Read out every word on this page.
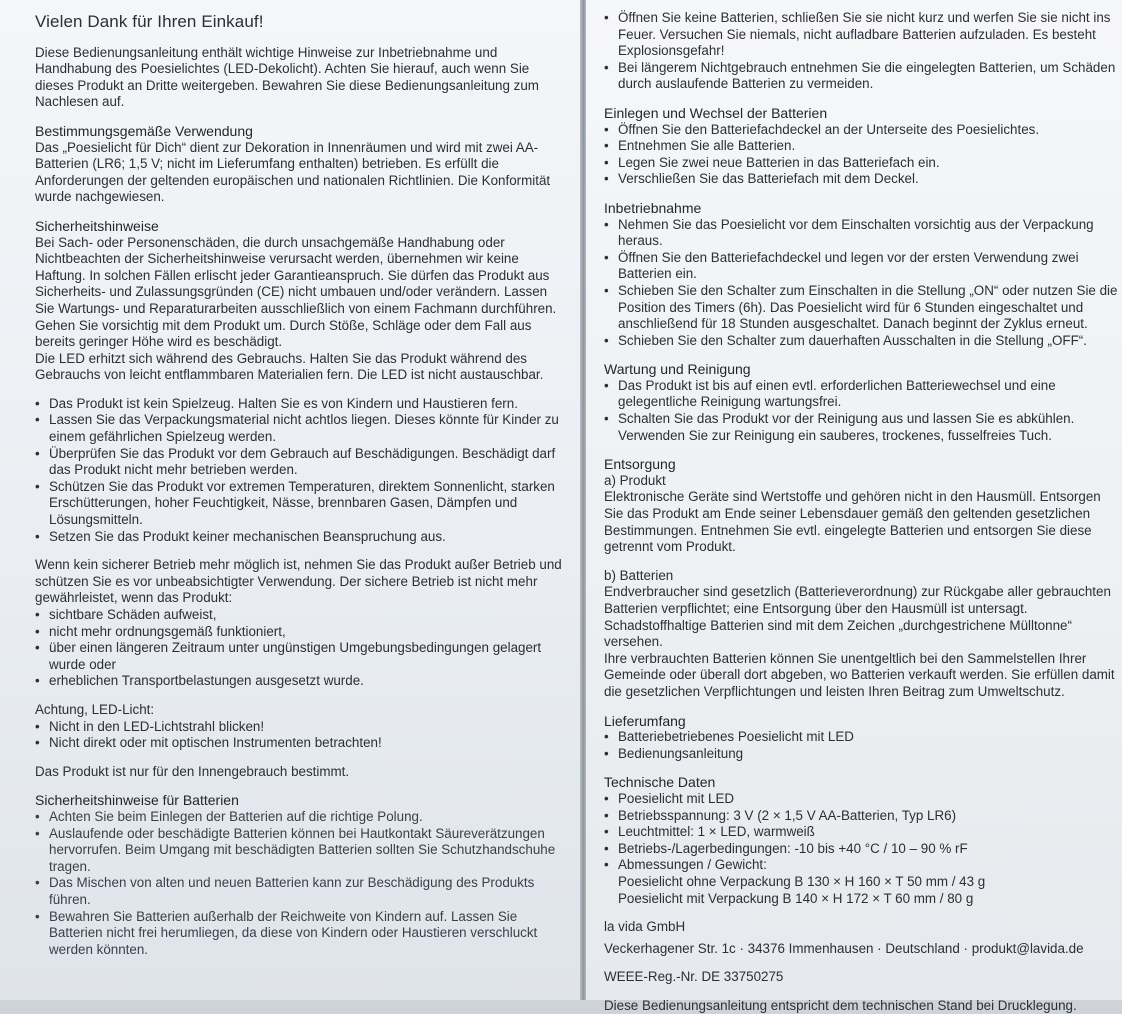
Vielen Dank für Ihren Einkauf!

Diese Bedienungsanleitung enthält wichtige Hinweise zur Inbetriebnahme und Handhabung des Poesielichtes (LED-Dekolicht). Achten Sie hierauf, auch wenn Sie dieses Produkt an Dritte weitergeben. Bewahren Sie diese Bedienungsanleitung zum Nachlesen auf.

Bestimmungsgemäße Verwendung

Das „Poesielicht für Dich“ dient zur Dekoration in Innenräumen und wird mit zwei AA-Batterien (LR6; 1,5 V; nicht im Lieferumfang enthalten) betrieben. Es erfüllt die Anforderungen der geltenden europäischen und nationalen Richtlinien. Die Konformität wurde nachgewiesen.

Sicherheitshinweise

Bei Sach- oder Personenschäden, die durch unsachgemäße Handhabung oder Nichtbeachten der Sicherheitshinweise verursacht werden, übernehmen wir keine Haftung. In solchen Fällen erlischt jeder Garantieanspruch. Sie dürfen das Produkt aus Sicherheits- und Zulassungsgründen (CE) nicht umbauen und/oder verändern. Lassen Sie Wartungs- und Reparaturarbeiten ausschließlich von einem Fachmann durchführen. Gehen Sie vorsichtig mit dem Produkt um. Durch Stöße, Schläge oder dem Fall aus bereits geringer Höhe wird es beschädigt.

Die LED erhitzt sich während des Gebrauchs. Halten Sie das Produkt während des Gebrauchs von leicht entflammbaren Materialien fern. Die LED ist nicht austauschbar.

• Das Produkt ist kein Spielzeug. Halten Sie es von Kindern und Haustieren fern.
• Lassen Sie das Verpackungsmaterial nicht achtlos liegen. Dieses könnte für Kinder zu einem gefährlichen Spielzeug werden.
• Überprüfen Sie das Produkt vor dem Gebrauch auf Beschädigungen. Beschädigt darf das Produkt nicht mehr betrieben werden.
• Schützen Sie das Produkt vor extremen Temperaturen, direktem Sonnenlicht, starken Erschütterungen, hoher Feuchtigkeit, Nässe, brennbaren Gasen, Dämpfen und Lösungsmitteln.
• Setzen Sie das Produkt keiner mechanischen Beanspruchung aus.

Wenn kein sicherer Betrieb mehr möglich ist, nehmen Sie das Produkt außer Betrieb und schützen Sie es vor unbeabsichtigter Verwendung. Der sichere Betrieb ist nicht mehr gewährleistet, wenn das Produkt:

• sichtbare Schäden aufweist,
• nicht mehr ordnungsgemäß funktioniert,
• über einen längeren Zeitraum unter ungünstigen Umgebungsbedingungen gelagert wurde oder
• erheblichen Transportbelastungen ausgesetzt wurde.

Achtung, LED-Licht:

• Nicht in den LED-Lichtstrahl blicken!
• Nicht direkt oder mit optischen Instrumenten betrachten!

Das Produkt ist nur für den Innengebrauch bestimmt.

Sicherheitshinweise für Batterien
• Achten Sie beim Einlegen der Batterien auf die richtige Polung.
• Auslaufende oder beschädigte Batterien können bei Hautkontakt Säureverätzungen hervorrufen. Beim Umgang mit beschädigten Batterien sollten Sie Schutzhandschuhe tragen.
• Das Mischen von alten und neuen Batterien kann zur Beschädigung des Produkts führen.
• Bewahren Sie Batterien außerhalb der Reichweite von Kindern auf. Lassen Sie Batterien nicht frei herumliegen, da diese von Kindern oder Haustieren verschluckt werden könnten.
• Öffnen Sie keine Batterien, schließen Sie sie nicht kurz und werfen Sie sie nicht ins Feuer. Versuchen Sie niemals, nicht aufladbare Batterien aufzuladen. Es besteht Explosionsgefahr!
• Bei längerem Nichtgebrauch entnehmen Sie die eingelegten Batterien, um Schäden durch auslaufende Batterien zu vermeiden.
Einlegen und Wechsel der Batterien
• Öffnen Sie den Batteriefachdeckel an der Unterseite des Poesielichtes.
• Entnehmen Sie alle Batterien.
• Legen Sie zwei neue Batterien in das Batteriefach ein.
• Verschließen Sie das Batteriefach mit dem Deckel.
Inbetriebnahme
• Nehmen Sie das Poesielicht vor dem Einschalten vorsichtig aus der Verpackung heraus.
• Öffnen Sie den Batteriefachdeckel und legen vor der ersten Verwendung zwei Batterien ein.
• Schieben Sie den Schalter zum Einschalten in die Stellung „ON“ oder nutzen Sie die Position des Timers (6h). Das Poesielicht wird für 6 Stunden eingeschaltet und anschließend für 18 Stunden ausgeschaltet. Danach beginnt der Zyklus erneut.
• Schieben Sie den Schalter zum dauerhaften Ausschalten in die Stellung „OFF“.
Wartung und Reinigung
• Das Produkt ist bis auf einen evtl. erforderlichen Batteriewechsel und eine gelegentliche Reinigung wartungsfrei.
• Schalten Sie das Produkt vor der Reinigung aus und lassen Sie es abkühlen. Verwenden Sie zur Reinigung ein sauberes, trockenes, fusselfreies Tuch.
Entsorgung

a) Produkt

Elektronische Geräte sind Wertstoffe und gehören nicht in den Hausmüll. Entsorgen Sie das Produkt am Ende seiner Lebensdauer gemäß den geltenden gesetzlichen Bestimmungen. Entnehmen Sie evtl. eingelegte Batterien und entsorgen Sie diese getrennt vom Produkt.

b) Batterien

Endverbraucher sind gesetzlich (Batterieverordnung) zur Rückgabe aller gebrauchten Batterien verpflichtet; eine Entsorgung über den Hausmüll ist untersagt. Schadstoffhaltige Batterien sind mit dem Zeichen „durchgestrichene Mülltonne“ versehen.

Ihre verbrauchten Batterien können Sie unentgeltlich bei den Sammelstellen Ihrer Gemeinde oder überall dort abgeben, wo Batterien verkauft werden. Sie erfüllen damit die gesetzlichen Verpflichtungen und leisten Ihren Beitrag zum Umweltschutz.

Lieferumfang
• Batteriebetriebenes Poesielicht mit LED
• Bedienungsanleitung
Technische Daten
• Poesielicht mit LED
• Betriebsspannung: 3 V (2 × 1,5 V AA-Batterien, Typ LR6)
• Leuchtmittel: 1 × LED, warmweiß
• Betriebs-/Lagerbedingungen: -10 bis +40 °C / 10 – 90 % rF
• Abmessungen / Gewicht:

Poesielicht ohne Verpackung B 130 × H 160 × T 50 mm / 43 g

Poesielicht mit Verpackung B 140 × H 172 × T 60 mm / 80 g

la vida GmbH

Veckerhagener Str. 1c · 34376 Immenhausen · Deutschland · produkt@lavida.de

WEEE-Reg.-Nr. DE 33750275

Diese Bedienungsanleitung entspricht dem technischen Stand bei Drucklegung.
